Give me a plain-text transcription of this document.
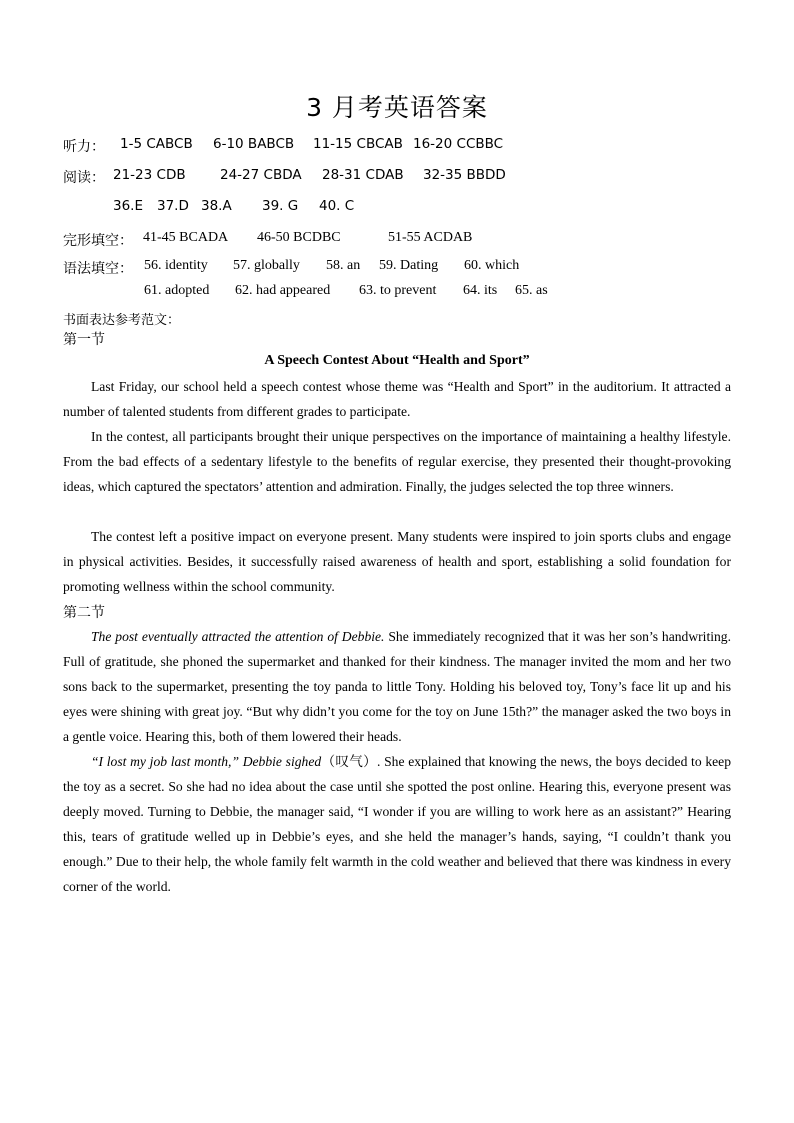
3 月考英语答案
听力： 1-5 CABCB 6-10 BABCB 11-15 CBCAB 16-20 CCBBC
阅读： 21-23 CDB	24-27 CBDA 28-31 CDAB 32-35 BBDD
36.E 37.D 38.A 39. G 40. C
完形填空： 41-45 BCADA 46-50 BCDBC	51-55 ACDAB
语法填空： 56. identity 57. globally 58. an 59. Dating 60. which
61. adopted 62. had appeared 63. to prevent 64. its 65. as
书面表达参考范文：
第一节
A Speech Contest About “Health and Sport”

Last Friday, our school held a speech contest whose theme was “Health and Sport” in the auditorium. It attracted a number of talented students from different grades to participate.

In the contest, all participants brought their unique perspectives on the importance of maintaining a healthy lifestyle. From the bad effects of a sedentary lifestyle to the benefits of regular exercise, they presented their thought-provoking ideas, which captured the spectators’ attention and admiration. Finally, the judges selected the top three winners.

The contest left a positive impact on everyone present. Many students were inspired to join sports clubs and engage in physical activities. Besides, it successfully raised awareness of health and sport, establishing a solid foundation for promoting wellness within the school community.

第二节

The post eventually attracted the attention of Debbie. She immediately recognized that it was her son’s handwriting. Full of gratitude, she phoned the supermarket and thanked for their kindness. The manager invited the mom and her two sons back to the supermarket, presenting the toy panda to little Tony. Holding his beloved toy, Tony’s face lit up and his eyes were shining with great joy. “But why didn’t you come for the toy on June 15th?” the manager asked the two boys in a gentle voice. Hearing this, both of them lowered their heads.

“I lost my job last month,” Debbie sighed（叹气）. She explained that knowing the news, the boys decided to keep the toy as a secret. So she had no idea about the case until she spotted the post online. Hearing this, everyone present was deeply moved. Turning to Debbie, the manager said, “I wonder if you are willing to work here as an assistant?” Hearing this, tears of gratitude welled up in Debbie’s eyes, and she held the manager’s hands, saying, “I couldn’t thank you enough.” Due to their help, the whole family felt warmth in the cold weather and believed that there was kindness in every corner of the world.
